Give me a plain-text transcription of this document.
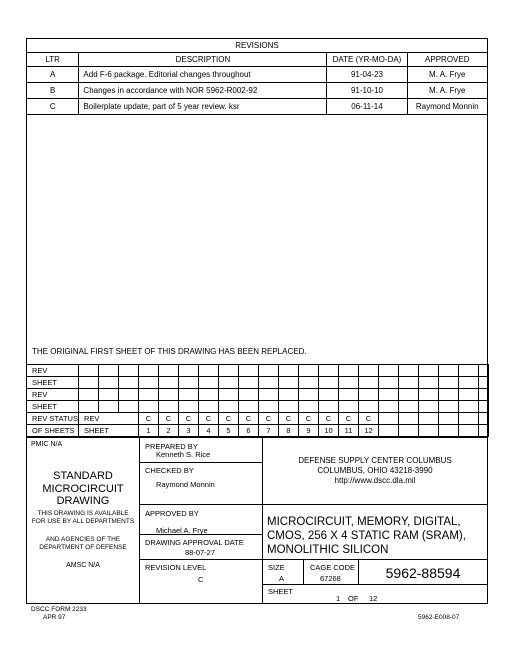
REVISIONS			
LTR	DESCRIPTION	DATE (YR-MO-DA)	APPROVED
A	Add F-6 package. Editorial changes throughout	91-04-23	M. A. Frye
B	Changes in accordance with NOR 5962-R002-92	91-10-10	M. A. Frye
C	Boilerplate update, part of 5 year review. ksr	06-11-14	Raymond Monnin
THE ORIGINAL FIRST SHEET OF THIS DRAWING HAS BEEN REPLACED.
REV																					
SHEET																					
REV																					
SHEET																					
REV STATUS	REV			C	C	C	C	C	C	C	C	C	C	C	C						
OF SHEETS	SHEET			1	2	3	4	5	6	7	8	9	10	11	12						
PMIC N/A
STANDARD MICROCIRCUIT DRAWING
THIS DRAWING IS AVAILABLE FOR USE BY ALL DEPARTMENTS
AND AGENCIES OF THE DEPARTMENT OF DEFENSE
AMSC N/A
PREPARED BY
Kenneth S. Rice
CHECKED BY
Raymond Monnin
APPROVED BY
Michael A. Frye
DRAWING APPROVAL DATE
88-07-27
REVISION LEVEL
C
DEFENSE SUPPLY CENTER COLUMBUS
COLUMBUS, OHIO 43218-3990
http://www.dscc.dla.mil
MICROCIRCUIT, MEMORY, DIGITAL, CMOS, 256 X 4 STATIC RAM (SRAM), MONOLITHIC SILICON
SIZE
A
CAGE CODE
67268	5962-88594
SHEET
1 OF 12
DSCC FORM 2233
APR 97	5962-E008-07
